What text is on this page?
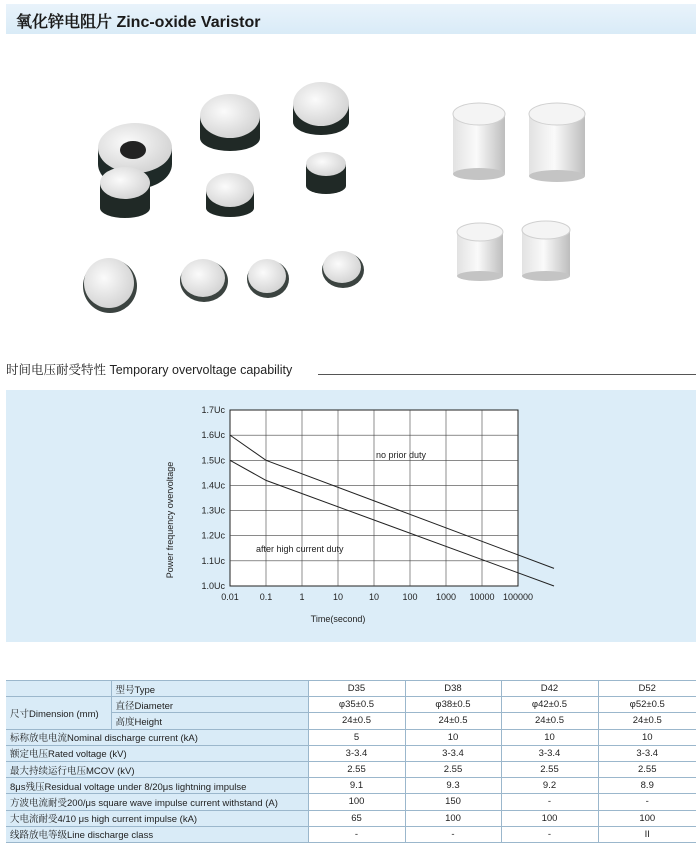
氧化锌电阻片 Zinc-oxide Varistor
时间电压耐受特性 Temporary overvoltage capability
1.0Uc
1.1Uc
1.2Uc
1.3Uc
1.4Uc
1.5Uc
1.6Uc
1.7Uc
0.01 0.1	1	10	10	100 1000 10000 100000
Power frequency overvoltage
Time(second)
no prior duty
after high current duty
	型号Type	D35	D38	D42	D52
尺寸Dimension (mm)	直径Diameter	φ35±0.5	φ38±0.5	φ42±0.5	φ52±0.5
	高度Height	24±0.5	24±0.5	24±0.5	24±0.5
标称放电电流Nominal discharge current (kA)		5	10	10	10
额定电压Rated voltage (kV)		3-3.4	3-3.4	3-3.4	3-3.4
最大持续运行电压MCOV (kV)		2.55	2.55	2.55	2.55
8μs残压Residual voltage under 8/20μs lightning impulse		9.1	9.3	9.2	8.9
方波电流耐受200/μs square wave impulse current withstand (A)		100	150	-	-
大电流耐受4/10 μs high current impulse (kA)		65	100	100	100
线路放电等级Line discharge class		-	-	-	II
